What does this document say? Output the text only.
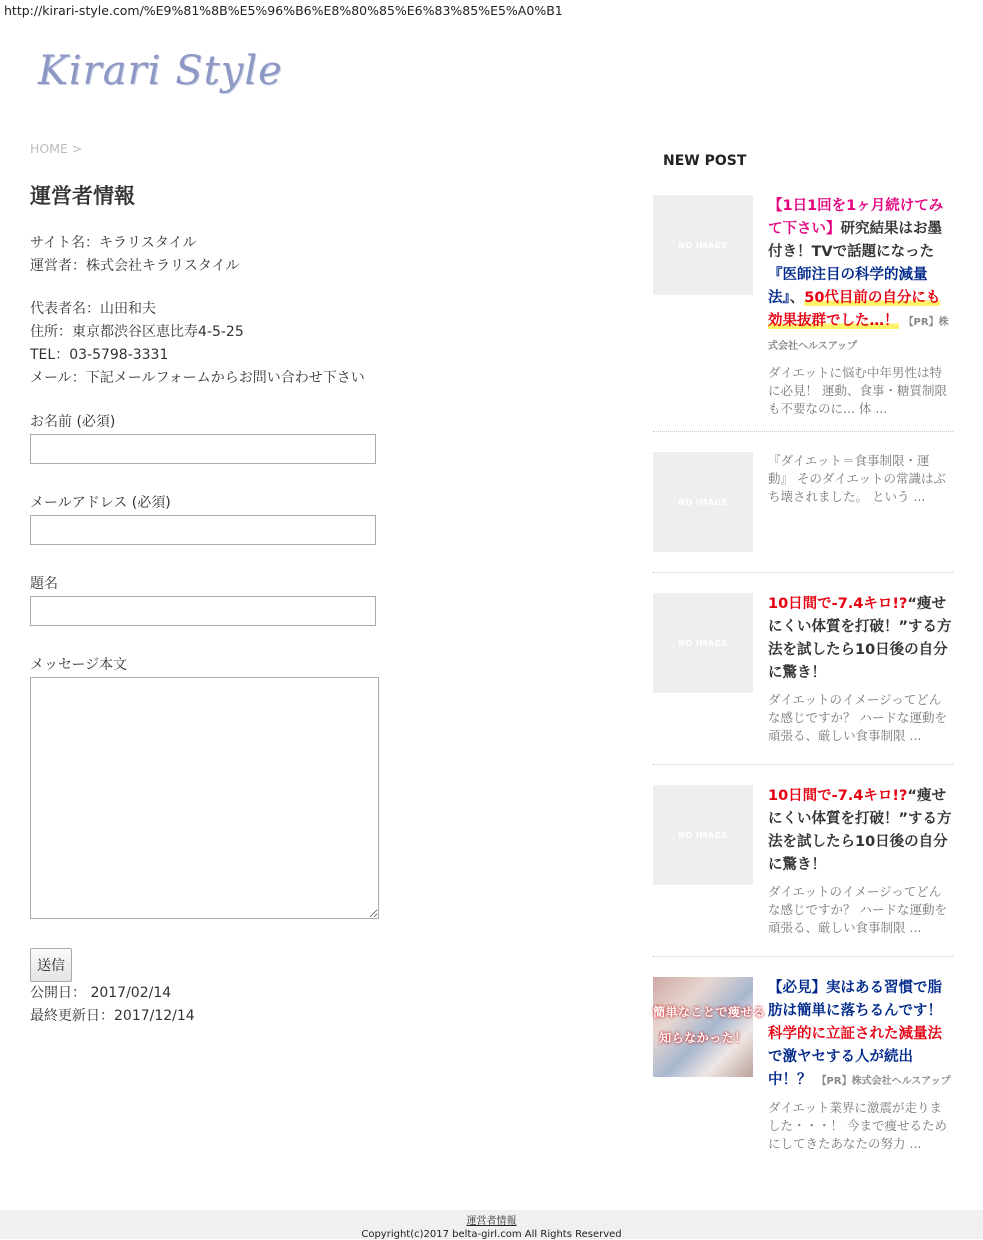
http://kirari-style.com/%E9%81%8B%E5%96%B6%E8%80%85%E6%83%85%E5%A0%B1
Kirari Style
HOME >
運営者情報
サイト名：キラリスタイル
運営者：株式会社キラリスタイル
代表者名：山田和夫
住所：東京都渋谷区恵比寿4-5-25
TEL：03-5798-3331
メール：下記メールフォームからお問い合わせ下さい
お名前 (必須)
メールアドレス (必須)
題名
メッセージ本文
送信
公開日： 2017/02/14
最終更新日：2017/12/14
NEW POST
NO IMAGE
【1日1回を1ヶ月続けてみて下さい】研究結果はお墨付き！TVで話題になった『医師注目の科学的減量法』、50代目前の自分にも効果抜群でした…！ 【PR】株式会社ヘルスアップ
ダイエットに悩む中年男性は特に必見！ 運動、食事・糖質制限も不要なのに... 体 ...
NO IMAGE
『ダイエット＝食事制限・運動』 そのダイエットの常識はぶち壊されました。 という ...
NO IMAGE
10日間で-7.4キロ!?“痩せにくい体質を打破！”する方法を試したら10日後の自分に驚き！
ダイエットのイメージってどんな感じですか？ ハードな運動を頑張る、厳しい食事制限 ...
NO IMAGE
10日間で-7.4キロ!?“痩せにくい体質を打破！”する方法を試したら10日後の自分に驚き！
ダイエットのイメージってどんな感じですか？ ハードな運動を頑張る、厳しい食事制限 ...
簡単なことで痩せる
知らなかった！
【必見】実はある習慣で脂肪は簡単に落ちるんです！科学的に立証された減量法で激ヤセする人が続出中！？ 【PR】株式会社ヘルスアップ
ダイエット業界に激震が走りました・・・！ 今まで痩せるためにしてきたあなたの努力 ...
運営者情報
Copyright(c)2017 belta-girl.com All Rights Reserved
